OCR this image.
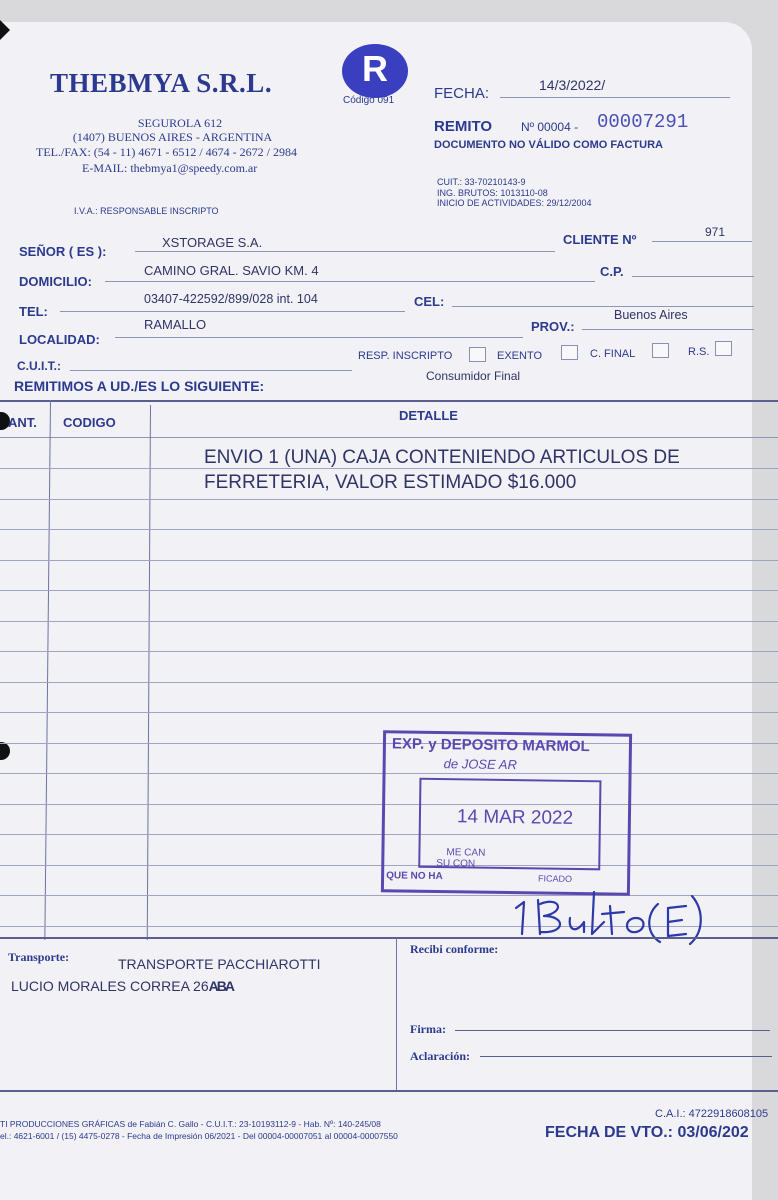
THEBMYA S.R.L.
SEGUROLA 612
(1407) BUENOS AIRES - ARGENTINA
TEL./FAX: (54 - 11) 4671 - 6512 / 4674 - 2672 / 2984
E-MAIL: thebmya1@speedy.com.ar
I.V.A.: RESPONSABLE INSCRIPTO
R
Código 091	FECHA:	14/3/2022/
REMITO Nº 00004 - 00007291
DOCUMENTO NO VÁLIDO COMO FACTURA
CUIT.: 33-70210143-9
ING. BRUTOS: 1013110-08
INICIO DE ACTIVIDADES: 29/12/2004
SEÑOR ( ES ):
XSTORAGE S.A.	CLIENTE Nº	971
DOMICILIO:
CAMINO GRAL. SAVIO KM. 4	C.P.
TEL:
03407-422592/899/028 int. 104	CEL:
LOCALIDAD:
RAMALLO	PROV.:
Buenos Aires
C.U.I.T.:
RESP. INSCRIPTO	EXENTO	C. FINAL	R.S.
Consumidor Final
REMITIMOS A UD./ES LO SIGUIENTE:
ANT. CODIGO	DETALLE
ENVIO 1 (UNA) CAJA CONTENIENDO ARTICULOS DE
FERRETERIA, VALOR ESTIMADO $16.000
EXP. y DEPOSITO MARMOL
de JOSE AR
14 MAR 2022
ME CAN
SU CON
QUE NO HA	FICADO
Transporte:	TRANSPORTE PACCHIAROTTI
LUCIO MORALES CORREA 26ABA
Recibi conforme:
Firma:
Aclaración:
TI PRODUCCIONES GRÁFICAS de Fabián C. Gallo - C.U.I.T.: 23-10193112-9 - Hab. Nº: 140-245/08
el.: 4621-6001 / (15) 4475-0278 - Fecha de Impresión 06/2021 - Del 00004-00007051 al 00004-00007550
C.A.I.: 4722918608105
FECHA DE VTO.: 03/06/202
